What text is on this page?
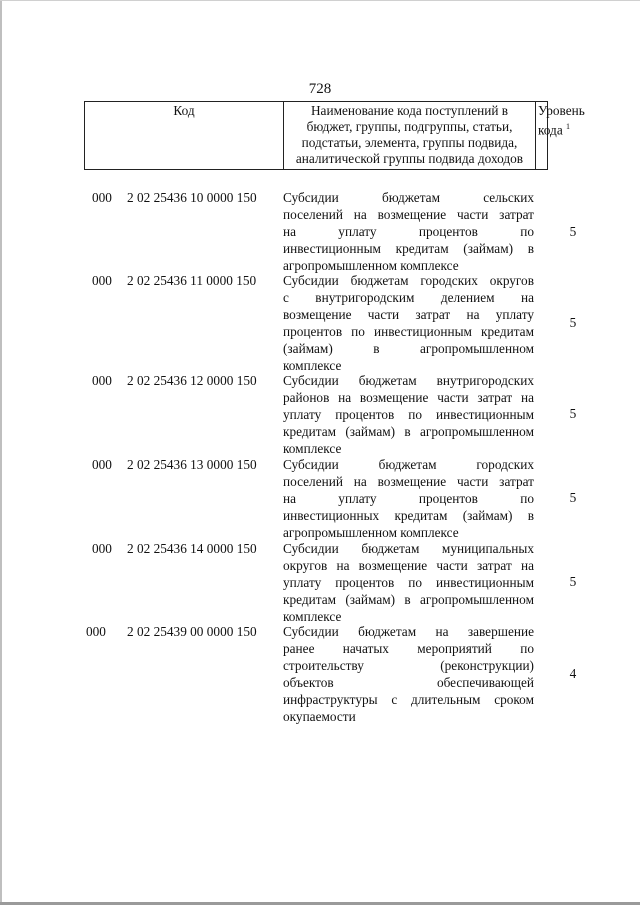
728
Код	Наименование кода поступлений в
бюджет, группы, подгруппы, статьи,
подстатьи, элемента, группы подвида,
аналитической группы подвида доходов	Уровень
кода $^1$
000 2 02 25436 10 0000 150	Субсидии бюджетам сельских
поселений на возмещение части затрат
на уплату процентов по
инвестиционным кредитам (займам) в
агропромышленном комплексе
5
000 2 02 25436 11 0000 150	Субсидии бюджетам городских округов
с внутригородским делением на
возмещение части затрат на уплату
процентов по инвестиционным кредитам
(займам) в агропромышленном
комплексе
5
000 2 02 25436 12 0000 150	Субсидии бюджетам внутригородских
районов на возмещение части затрат на
уплату процентов по инвестиционным
кредитам (займам) в агропромышленном
комплексе
5
000 2 02 25436 13 0000 150	Субсидии бюджетам городских
поселений на возмещение части затрат
на уплату процентов по
инвестиционных кредитам (займам) в
агропромышленном комплексе
5
000 2 02 25436 14 0000 150	Субсидии бюджетам муниципальных
округов на возмещение части затрат на
уплату процентов по инвестиционным
кредитам (займам) в агропромышленном
комплексе
5
000 2 02 25439 00 0000 150	Субсидии бюджетам на завершение
ранее начатых мероприятий по
строительству (реконструкции)
объектов обеспечивающей
инфраструктуры с длительным сроком
окупаемости
4
